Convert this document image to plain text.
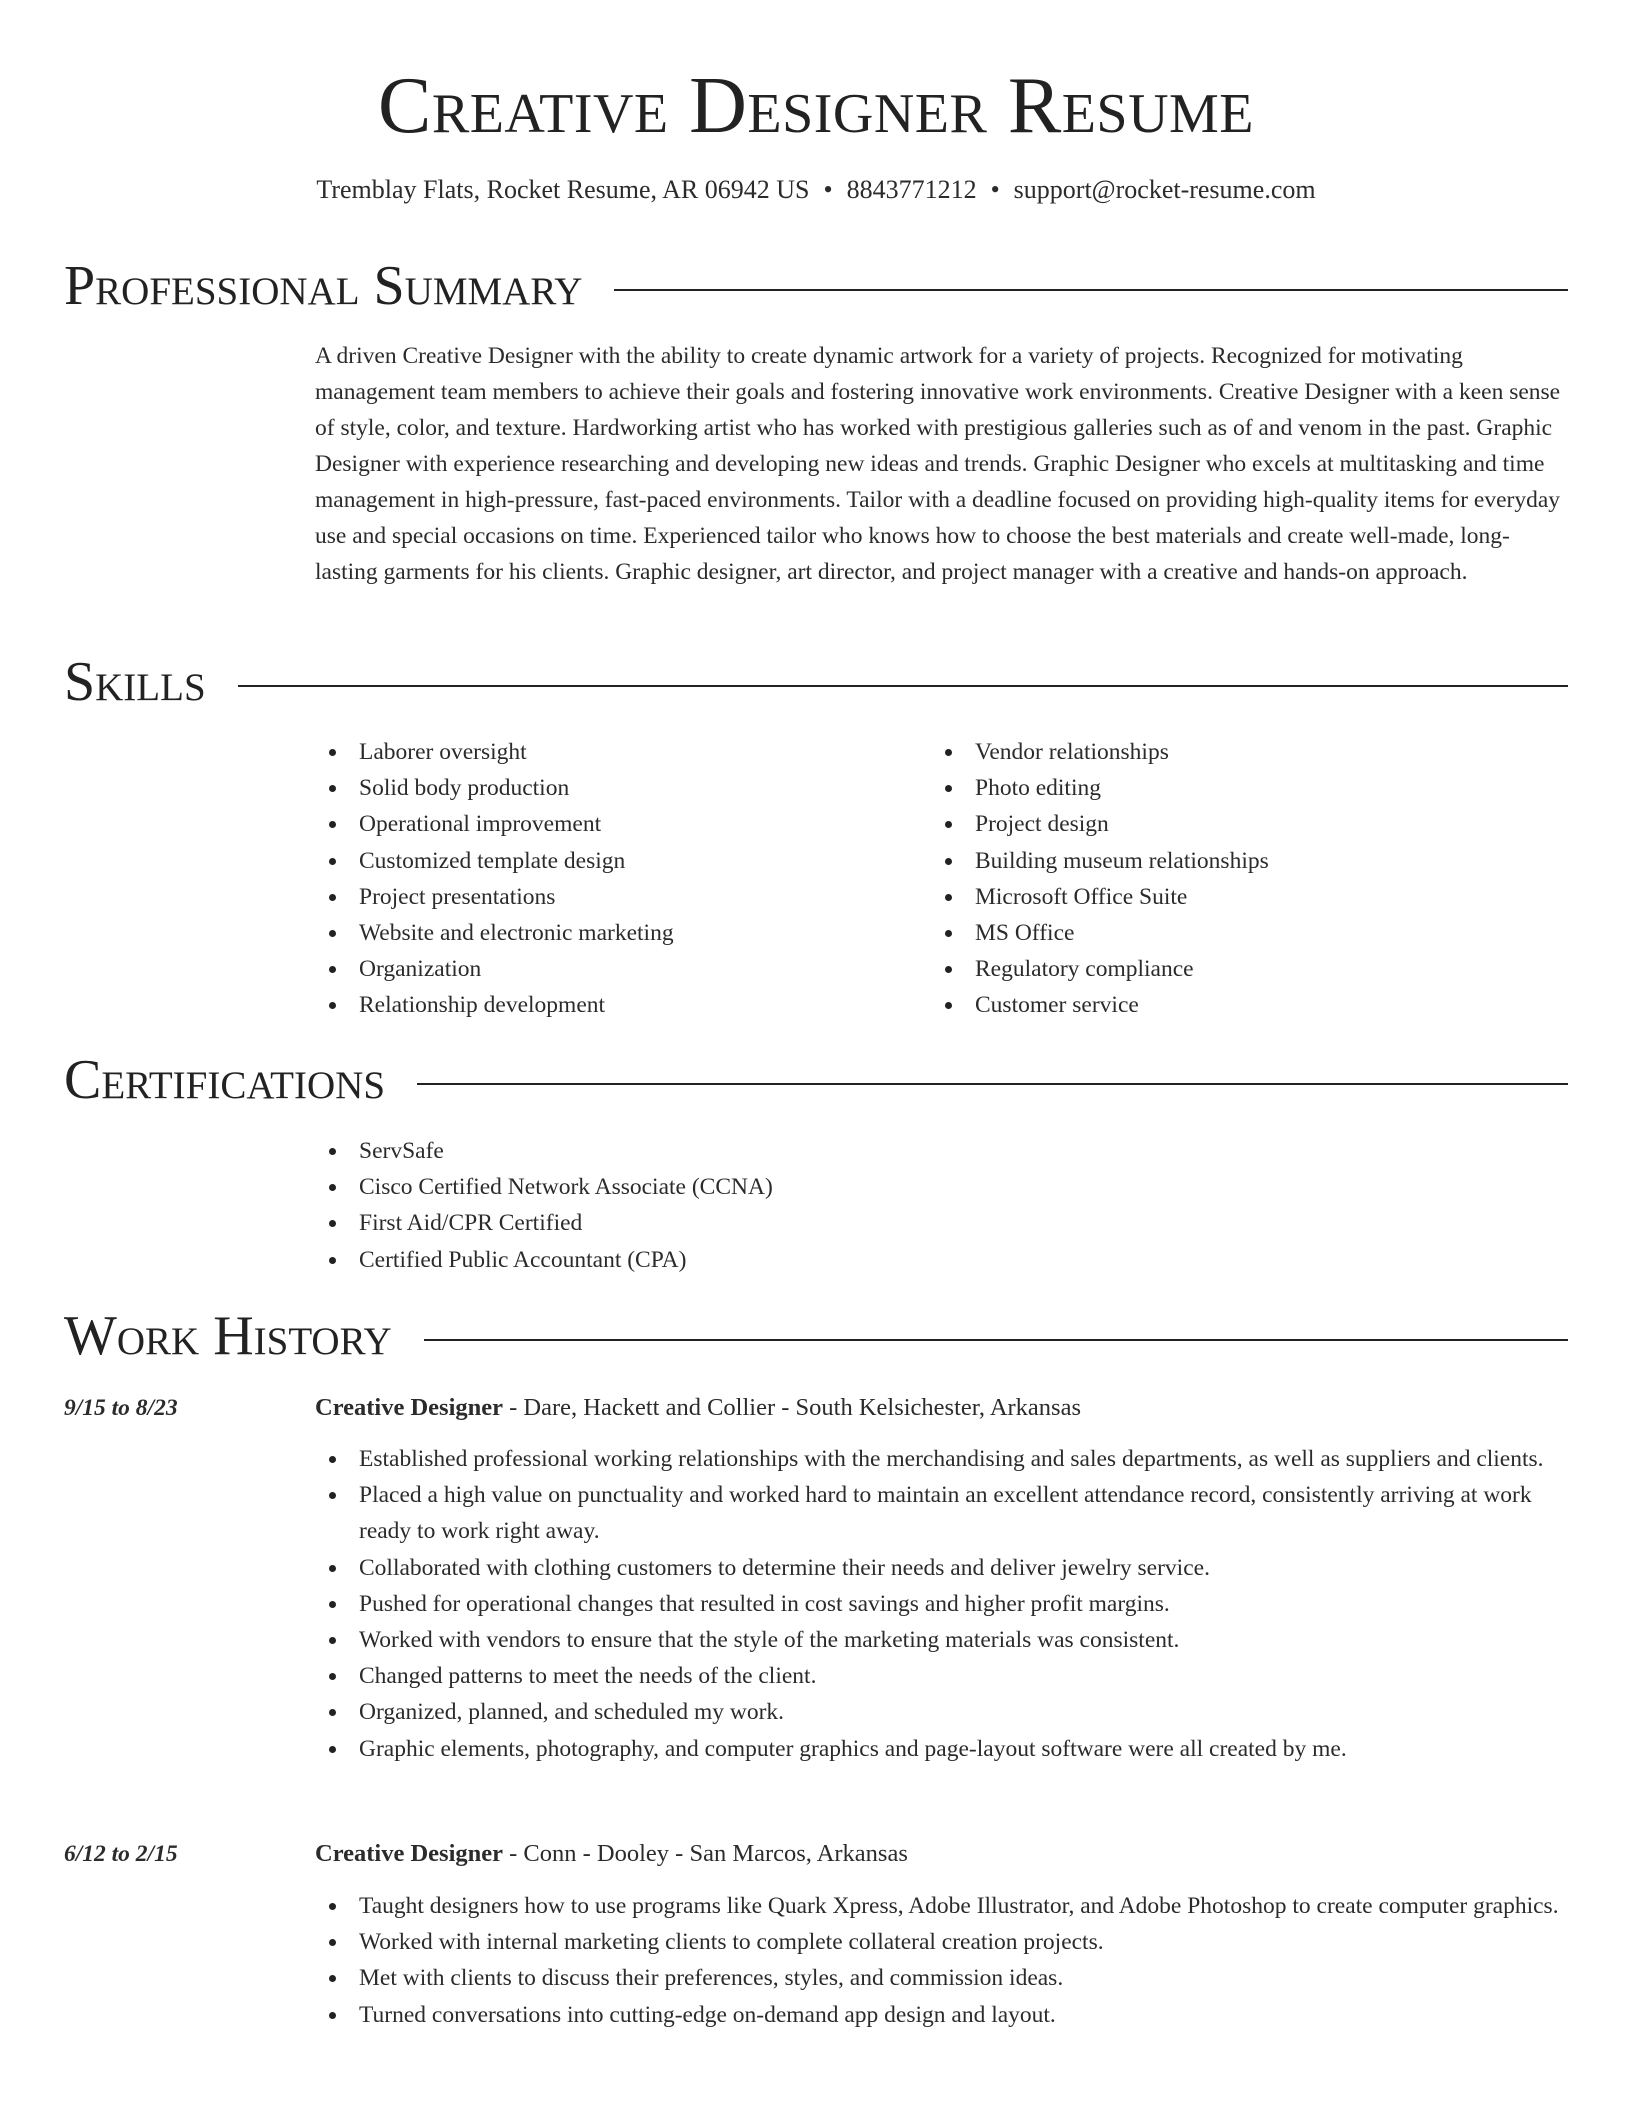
Creative Designer Resume
Tremblay Flats, Rocket Resume, AR 06942 US • 8843771212 • support@rocket-resume.com
Professional Summary

A driven Creative Designer with the ability to create dynamic artwork for a variety of projects. Recognized for motivating management team members to achieve their goals and fostering innovative work environments. Creative Designer with a keen sense of style, color, and texture. Hardworking artist who has worked with prestigious galleries such as of and venom in the past. Graphic Designer with experience researching and developing new ideas and trends. Graphic Designer who excels at multitasking and time management in high-pressure, fast-paced environments. Tailor with a deadline focused on providing high-quality items for everyday use and special occasions on time. Experienced tailor who knows how to choose the best materials and create well-made, long-lasting garments for his clients. Graphic designer, art director, and project manager with a creative and hands-on approach.

Skills
Laborer oversight
Solid body production
Operational improvement
Customized template design
Project presentations
Website and electronic marketing
Organization
Relationship development
Vendor relationships
Photo editing
Project design
Building museum relationships
Microsoft Office Suite
MS Office
Regulatory compliance
Customer service
Certifications
ServSafe
Cisco Certified Network Associate (CCNA)
First Aid/CPR Certified
Certified Public Accountant (CPA)
Work History
9/15 to 8/23	Creative Designer - Dare, Hackett and Collier - South Kelsichester, Arkansas
Established professional working relationships with the merchandising and sales departments, as well as suppliers and clients.
Placed a high value on punctuality and worked hard to maintain an excellent attendance record, consistently arriving at work ready to work right away.
Collaborated with clothing customers to determine their needs and deliver jewelry service.
Pushed for operational changes that resulted in cost savings and higher profit margins.
Worked with vendors to ensure that the style of the marketing materials was consistent.
Changed patterns to meet the needs of the client.
Organized, planned, and scheduled my work.
Graphic elements, photography, and computer graphics and page-layout software were all created by me.
6/12 to 2/15	Creative Designer - Conn - Dooley - San Marcos, Arkansas
Taught designers how to use programs like Quark Xpress, Adobe Illustrator, and Adobe Photoshop to create computer graphics.
Worked with internal marketing clients to complete collateral creation projects.
Met with clients to discuss their preferences, styles, and commission ideas.
Turned conversations into cutting-edge on-demand app design and layout.
